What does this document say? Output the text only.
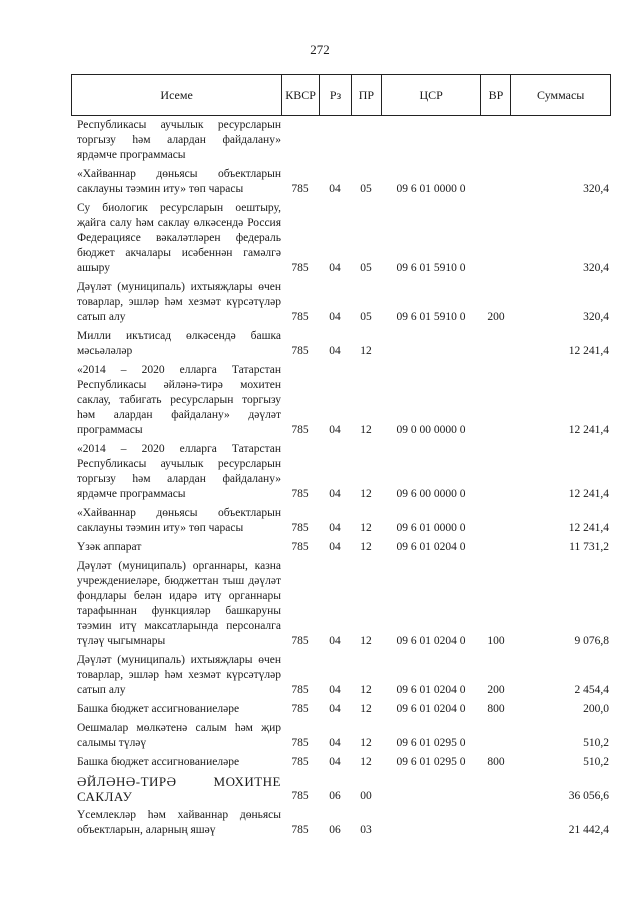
272
Исеме	КВСР	Рз	ПР	ЦСР	ВР	Суммасы
Республикасы аучылык ресурсларын торгызу һәм алардан файдалану» ярдәмче программасы
«Хайваннар дөньясы объектларын саклауны тәэмин иту» төп чарасы	785	04	05	09 6 01 0000 0	320,4
Су биологик ресурсларын оештыру, җайга салу һәм саклау өлкәсендә Россия Федерациясе вәкаләтләрен федераль бюджет акчалары исәбеннән гамәлгә ашыру	785	04	05	09 6 01 5910 0	320,4
Дәүләт (муниципаль) ихтыяҗлары өчен товарлар, эшләр һәм хезмәт күрсәтүләр сатып алу	785	04	05	09 6 01 5910 0	200	320,4
Милли икътисад өлкәсендә башка мәсьәләләр	785	04	12	12 241,4
«2014 – 2020 елларга Татарстан Республикасы әйләнә-тирә мохитен саклау, табигать ресурсларын торгызу һәм алардан файдалану» дәүләт программасы	785	04	12	09 0 00 0000 0	12 241,4
«2014 – 2020 елларга Татарстан Республикасы аучылык ресурсларын торгызу һәм алардан файдалану» ярдәмче программасы	785	04	12	09 6 00 0000 0	12 241,4
«Хайваннар дөньясы объектларын саклауны тәэмин иту» төп чарасы	785	04	12	09 6 01 0000 0	12 241,4
Үзәк аппарат	785	04	12	09 6 01 0204 0	11 731,2
Дәүләт (муниципаль) органнары, казна учреждениеләре, бюджеттан тыш дәүләт фондлары белән идарә итү органнары тарафыннан функцияләр башкаруны тәэмин итү максатларында персоналга түләү чыгымнары	785	04	12	09 6 01 0204 0	100	9 076,8
Дәүләт (муниципаль) ихтыяҗлары өчен товарлар, эшләр һәм хезмәт күрсәтүләр сатып алу	785	04	12	09 6 01 0204 0	200	2 454,4
Башка бюджет ассигнованиеләре	785	04	12	09 6 01 0204 0	800	200,0
Оешмалар мөлкәтенә салым һәм җир салымы түләү	785	04	12	09 6 01 0295 0	510,2
Башка бюджет ассигнованиеләре	785	04	12	09 6 01 0295 0	800	510,2
ӘЙЛӘНӘ-ТИРӘ МОХИТНЕ САКЛАУ	785	06	00	36 056,6
Үсемлекләр һәм хайваннар дөньясы объектларын, аларның яшәү	785	06	03	21 442,4
